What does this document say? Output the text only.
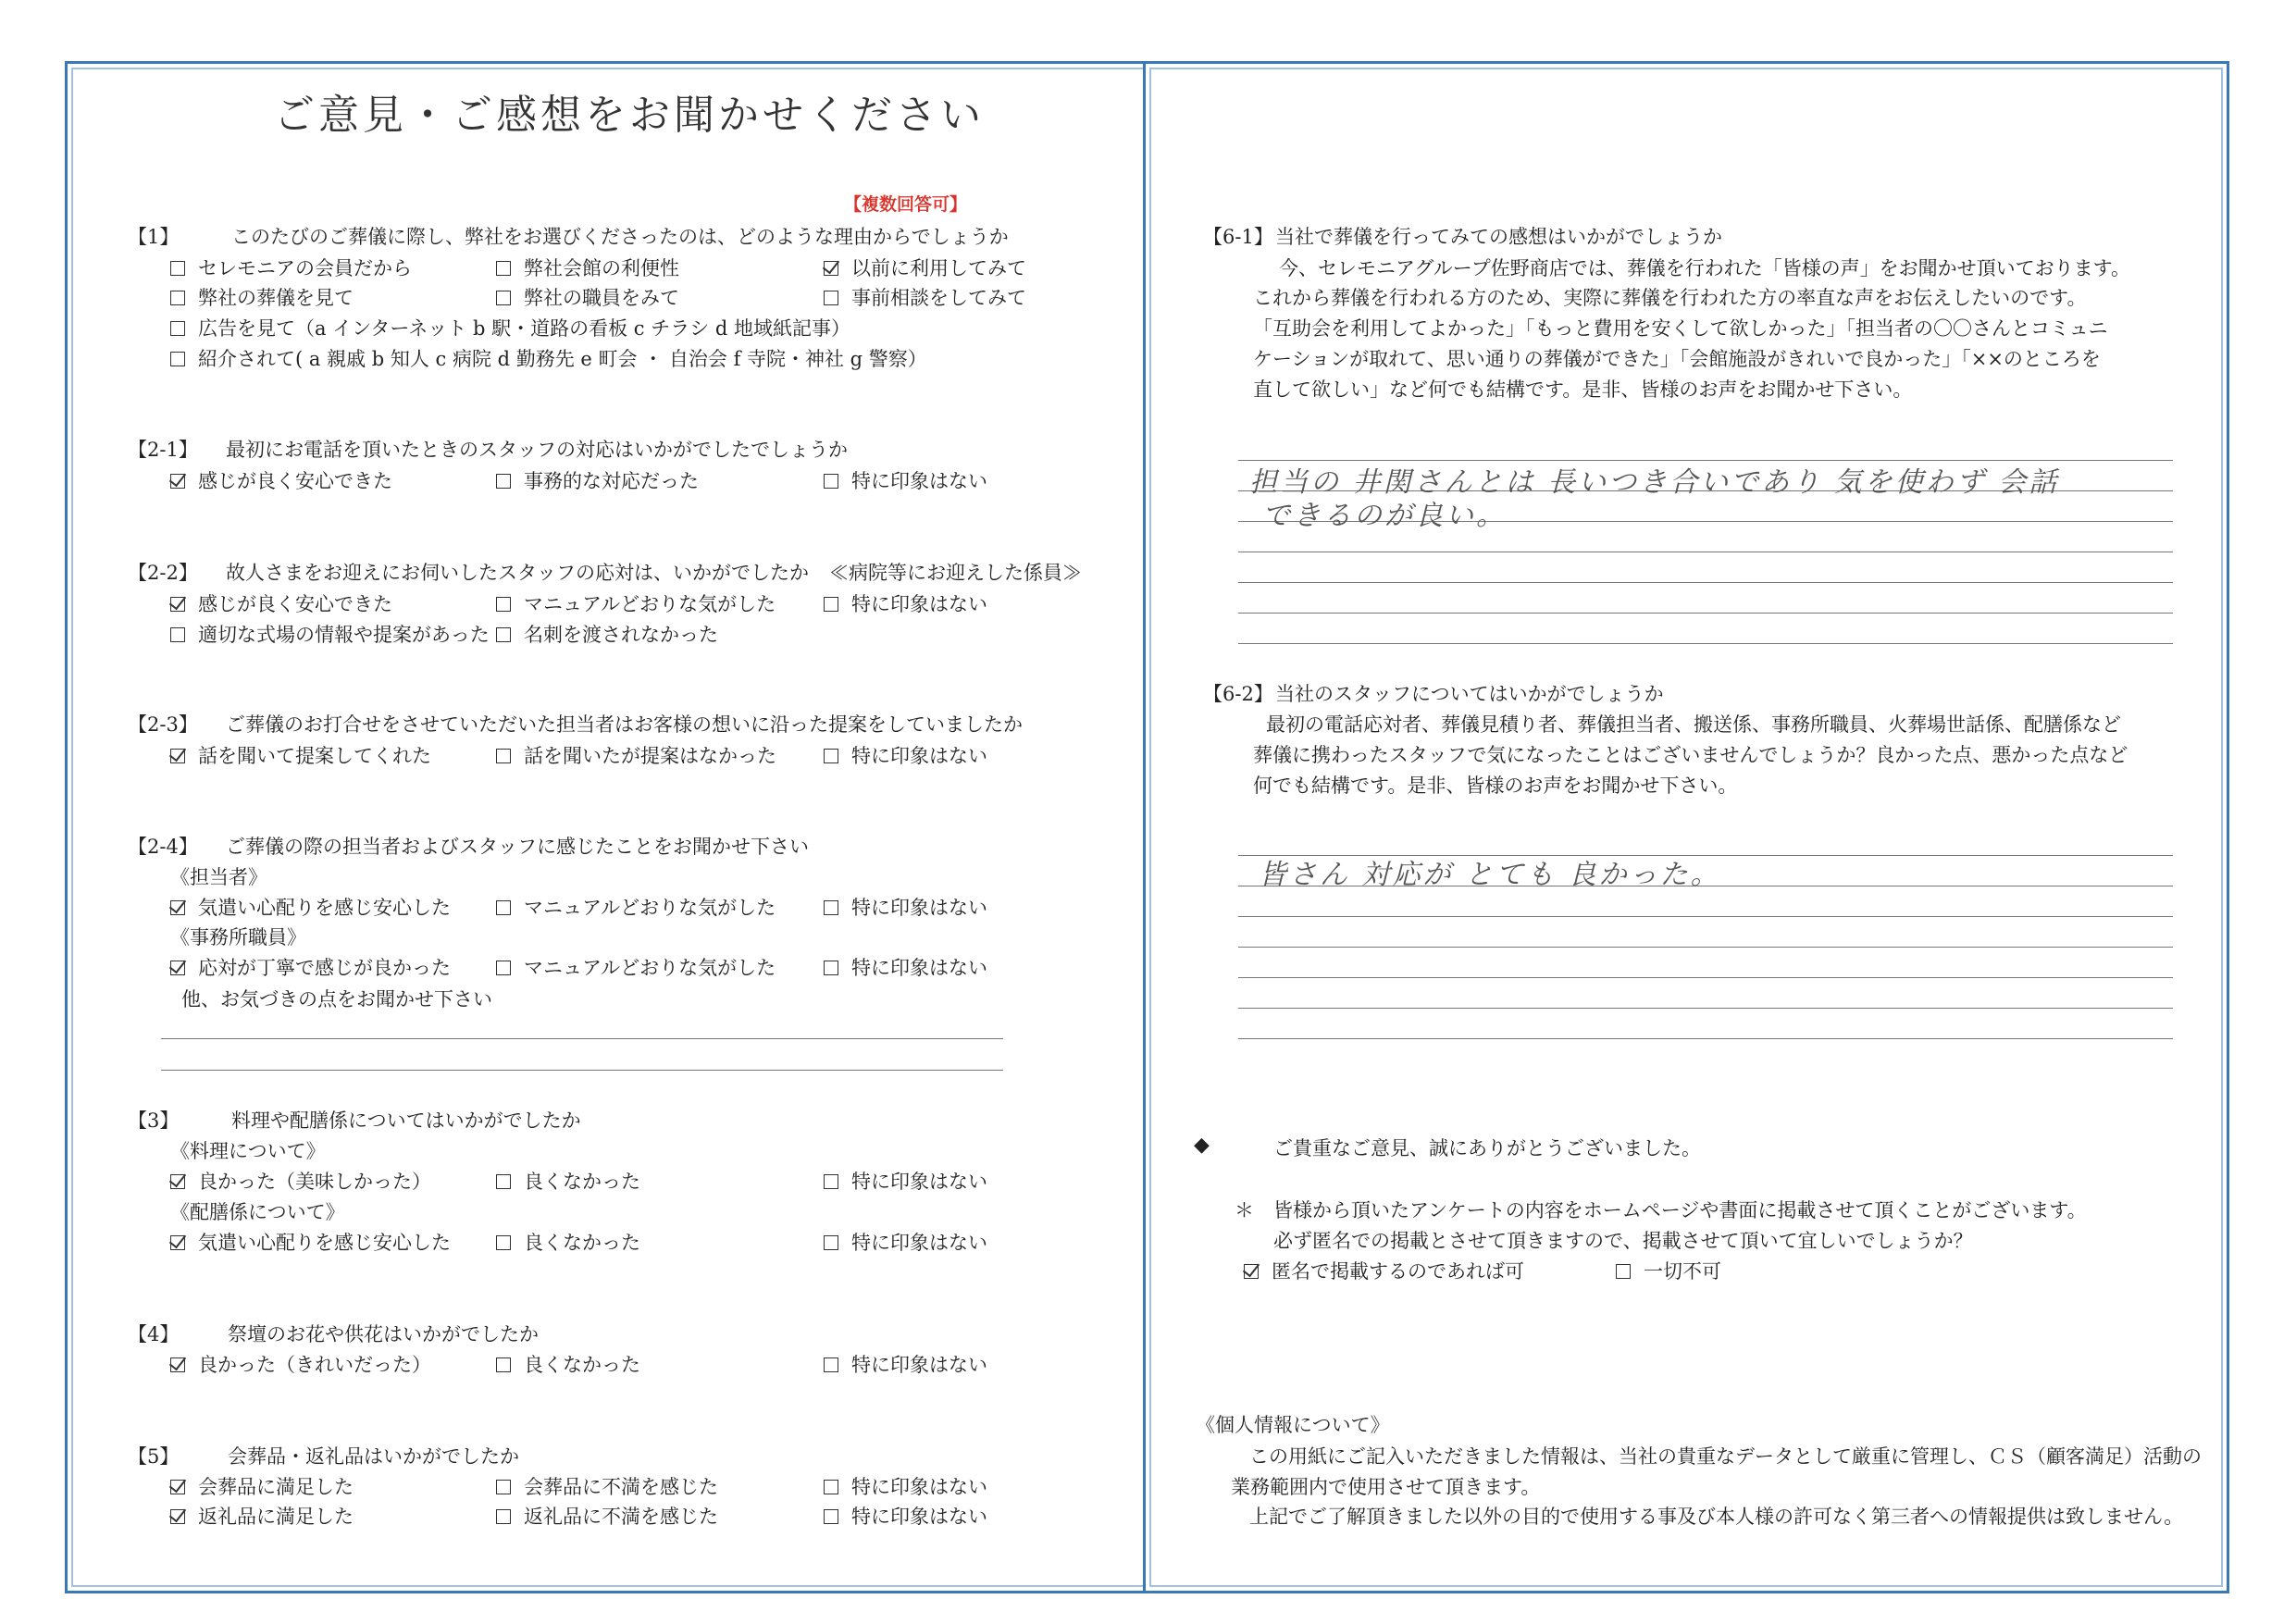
ご意見・ご感想をお聞かせください
【複数回答可】
【1】	このたびのご葬儀に際し、弊社をお選びくださったのは、どのような理由からでしょうか
セレモニアの会員だから	弊社会館の利便性	以前に利用してみて
弊社の葬儀を見て	弊社の職員をみて	事前相談をしてみて
広告を見て（a インターネット b 駅・道路の看板 c チラシ d 地域紙記事）
紹介されて( a 親戚 b 知人 c 病院 d 勤務先 e 町会 ・ 自治会 f 寺院・神社 g 警察）
【2-1】 最初にお電話を頂いたときのスタッフの対応はいかがでしたでしょうか
感じが良く安心できた	事務的な対応だった	特に印象はない
【2-2】 故人さまをお迎えにお伺いしたスタッフの応対は、いかがでしたか ≪病院等にお迎えした係員≫
感じが良く安心できた	マニュアルどおりな気がした	特に印象はない
適切な式場の情報や提案があった	名刺を渡されなかった
【2-3】 ご葬儀のお打合せをさせていただいた担当者はお客様の想いに沿った提案をしていましたか
話を聞いて提案してくれた	話を聞いたが提案はなかった	特に印象はない
【2-4】 ご葬儀の際の担当者およびスタッフに感じたことをお聞かせ下さい
《担当者》
気遣い心配りを感じ安心した	マニュアルどおりな気がした	特に印象はない
《事務所職員》
応対が丁寧で感じが良かった	マニュアルどおりな気がした	特に印象はない
他、お気づきの点をお聞かせ下さい
【3】	料理や配膳係についてはいかがでしたか
《料理について》
良かった（美味しかった）	良くなかった	特に印象はない
《配膳係について》
気遣い心配りを感じ安心した	良くなかった	特に印象はない
【4】	祭壇のお花や供花はいかがでしたか
良かった（きれいだった）	良くなかった	特に印象はない
【5】	会葬品・返礼品はいかがでしたか
会葬品に満足した	会葬品に不満を感じた	特に印象はない
返礼品に満足した	返礼品に不満を感じた	特に印象はない
【6-1】 当社で葬儀を行ってみての感想はいかがでしょうか
今、セレモニアグループ佐野商店では、葬儀を行われた「皆様の声」をお聞かせ頂いております。
これから葬儀を行われる方のため、実際に葬儀を行われた方の率直な声をお伝えしたいのです。
「互助会を利用してよかった」「もっと費用を安くして欲しかった」「担当者の〇〇さんとコミュニ
ケーションが取れて、思い通りの葬儀ができた」「会館施設がきれいで良かった」「××のところを
直して欲しい」など何でも結構です。是非、皆様のお声をお聞かせ下さい。
担当の 井関さんとは 長いつき合いであり 気を使わず 会話
できるのが良い。
【6-2】 当社のスタッフについてはいかがでしょうか
最初の電話応対者、葬儀見積り者、葬儀担当者、搬送係、事務所職員、火葬場世話係、配膳係など
葬儀に携わったスタッフで気になったことはございませんでしょうか？良かった点、悪かった点など
何でも結構です。是非、皆様のお声をお聞かせ下さい。
皆さん 対応が とても 良かった。
◆	ご貴重なご意見、誠にありがとうございました。
＊ 皆様から頂いたアンケートの内容をホームページや書面に掲載させて頂くことがございます。
必ず匿名での掲載とさせて頂きますので、掲載させて頂いて宜しいでしょうか？
匿名で掲載するのであれば可	一切不可
《個人情報について》
この用紙にご記入いただきました情報は、当社の貴重なデータとして厳重に管理し、ＣＳ（顧客満足）活動の
業務範囲内で使用させて頂きます。
上記でご了解頂きました以外の目的で使用する事及び本人様の許可なく第三者への情報提供は致しません。
